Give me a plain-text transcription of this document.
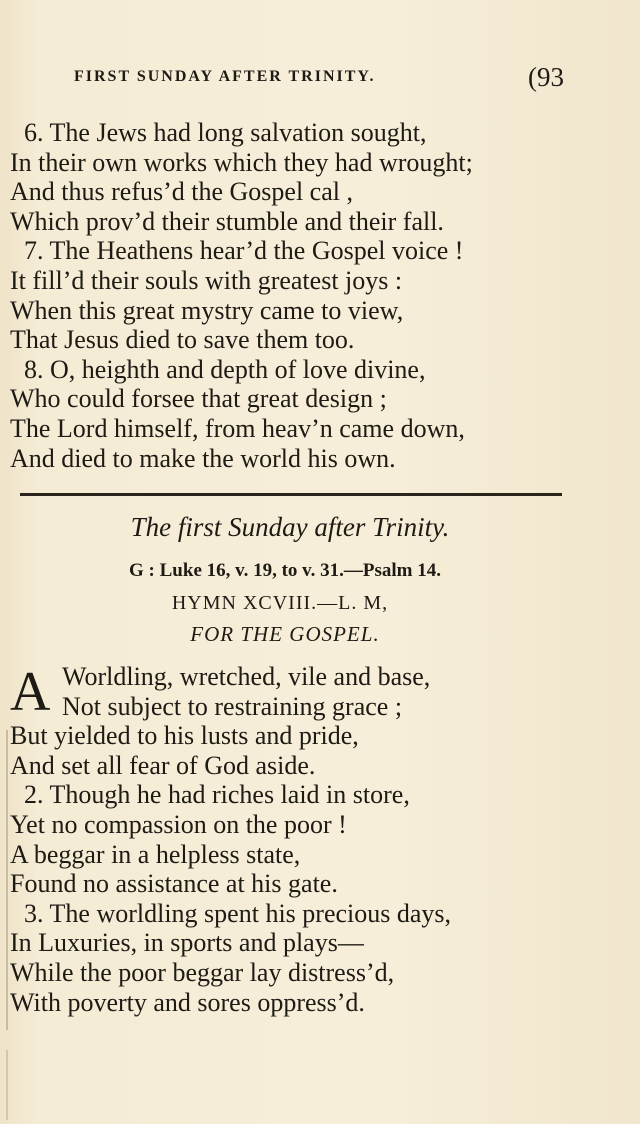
FIRST SUNDAY AFTER TRINITY.	(93
6. The Jews had long salvation sought,
In their own works which they had wrought;
And thus refus’d the Gospel cal ,
Which prov’d their stumble and their fall.
7. The Heathens hear’d the Gospel voice !
It fill’d their souls with greatest joys :
When this great mystry came to view,
That Jesus died to save them too.
8. O, heighth and depth of love divine,
Who could forsee that great design ;
The Lord himself, from heav’n came down,
And died to make the world his own.
The first Sunday after Trinity.
G : Luke 16, v. 19, to v. 31.—Psalm 14.
HYMN XCVIII.—L. M,
FOR THE GOSPEL.
A Worldling, wretched, vile and base,
Not subject to restraining grace ;
But yielded to his lusts and pride,
And set all fear of God aside.
2. Though he had riches laid in store,
Yet no compassion on the poor !
A beggar in a helpless state,
Found no assistance at his gate.
3. The worldling spent his precious days,
In Luxuries, in sports and plays—
While the poor beggar lay distress’d,
With poverty and sores oppress’d.
